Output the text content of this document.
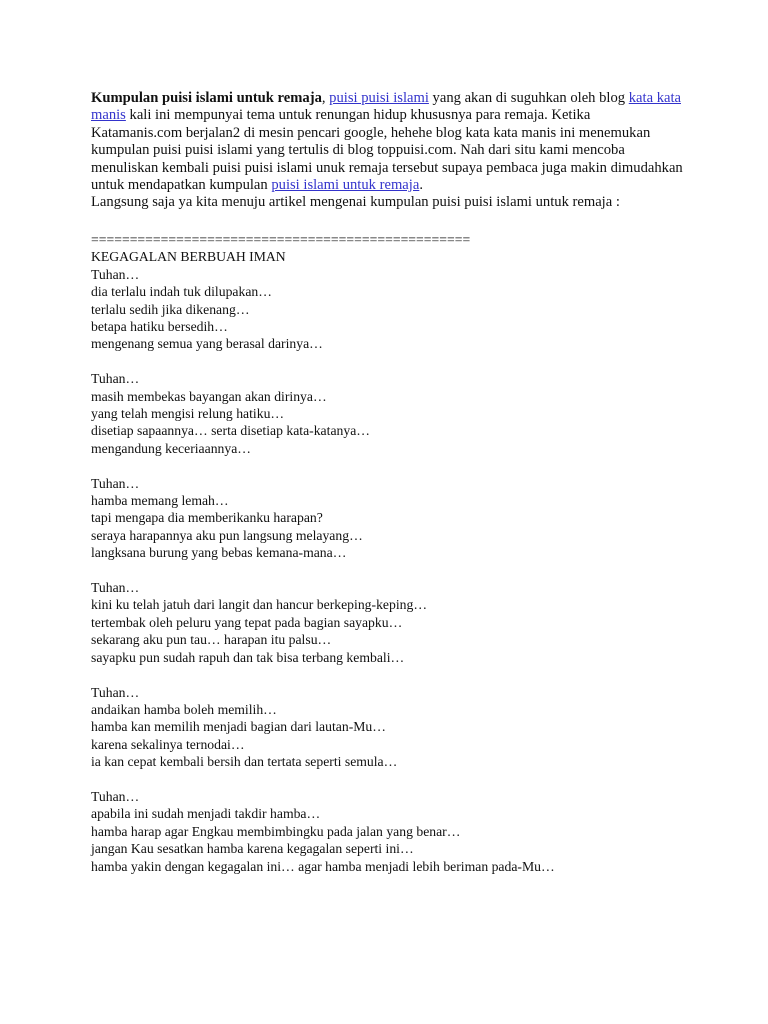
Kumpulan puisi islami untuk remaja, puisi puisi islami yang akan di suguhkan oleh blog kata kata manis kali ini mempunyai tema untuk renungan hidup khususnya para remaja. Ketika Katamanis.com berjalan2 di mesin pencari google, hehehe blog kata kata manis ini menemukan kumpulan puisi puisi islami yang tertulis di blog toppuisi.com. Nah dari situ kami mencoba menuliskan kembali puisi puisi islami unuk remaja tersebut supaya pembaca juga makin dimudahkan untuk mendapatkan kumpulan puisi islami untuk remaja.

Langsung saja ya kita menuju artikel mengenai kumpulan puisi puisi islami untuk remaja :

=================================================
KEGAGALAN BERBUAH IMAN
Tuhan…
dia terlalu indah tuk dilupakan…
terlalu sedih jika dikenang…
betapa hatiku bersedih…
mengenang semua yang berasal darinya…
Tuhan…
masih membekas bayangan akan dirinya…
yang telah mengisi relung hatiku…
disetiap sapaannya… serta disetiap kata-katanya…
mengandung keceriaannya…
Tuhan…
hamba memang lemah…
tapi mengapa dia memberikanku harapan?
seraya harapannya aku pun langsung melayang…
langksana burung yang bebas kemana-mana…
Tuhan…
kini ku telah jatuh dari langit dan hancur berkeping-keping…
tertembak oleh peluru yang tepat pada bagian sayapku…
sekarang aku pun tau… harapan itu palsu…
sayapku pun sudah rapuh dan tak bisa terbang kembali…
Tuhan…
andaikan hamba boleh memilih…
hamba kan memilih menjadi bagian dari lautan-Mu…
karena sekalinya ternodai…
ia kan cepat kembali bersih dan tertata seperti semula…
Tuhan…
apabila ini sudah menjadi takdir hamba…
hamba harap agar Engkau membimbingku pada jalan yang benar…
jangan Kau sesatkan hamba karena kegagalan seperti ini…
hamba yakin dengan kegagalan ini… agar hamba menjadi lebih beriman pada-Mu…
